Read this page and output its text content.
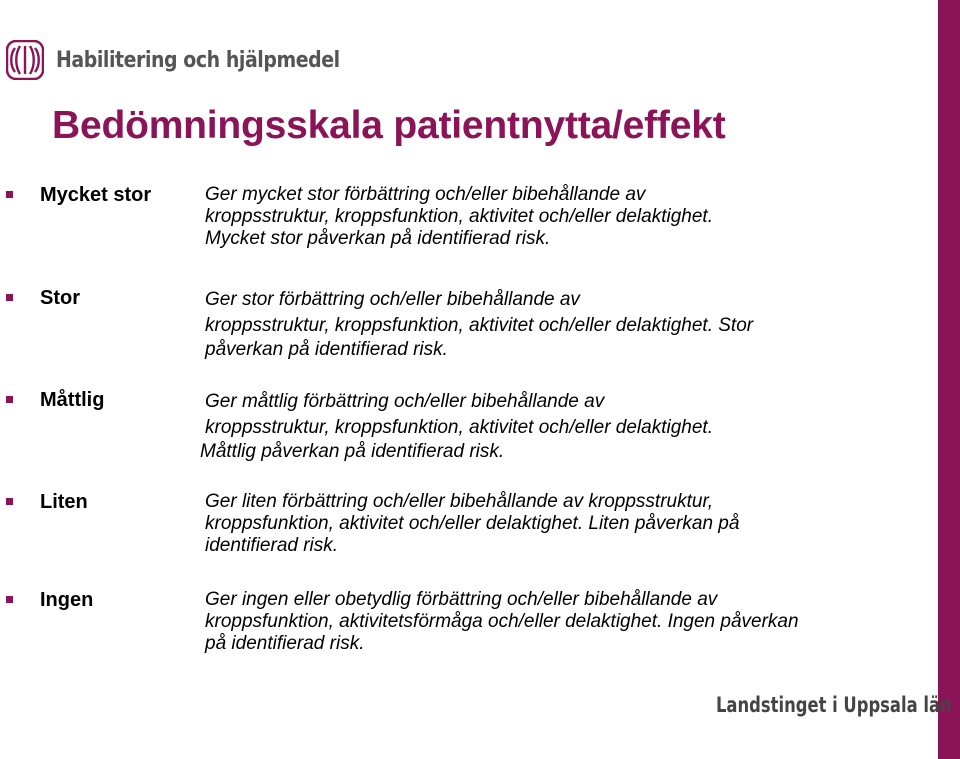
Habilitering och hjälpmedel
Bedömningsskala patientnytta/effekt
Mycket stor	Ger mycket stor förbättring och/eller bibehållande av
kroppsstruktur, kroppsfunktion, aktivitet och/eller delaktighet.
Mycket stor påverkan på identifierad risk.
Stor	Ger stor förbättring och/eller bibehållande av
kroppsstruktur, kroppsfunktion, aktivitet och/eller delaktighet. Stor
påverkan på identifierad risk.
Måttlig	Ger måttlig förbättring och/eller bibehållande av
kroppsstruktur, kroppsfunktion, aktivitet och/eller delaktighet.
Måttlig påverkan på identifierad risk.
Liten	Ger liten förbättring och/eller bibehållande av kroppsstruktur,
kroppsfunktion, aktivitet och/eller delaktighet. Liten påverkan på
identifierad risk.
Ingen	Ger ingen eller obetydlig förbättring och/eller bibehållande av
kroppsfunktion, aktivitetsförmåga och/eller delaktighet. Ingen påverkan
på identifierad risk.
Landstinget i Uppsala län
